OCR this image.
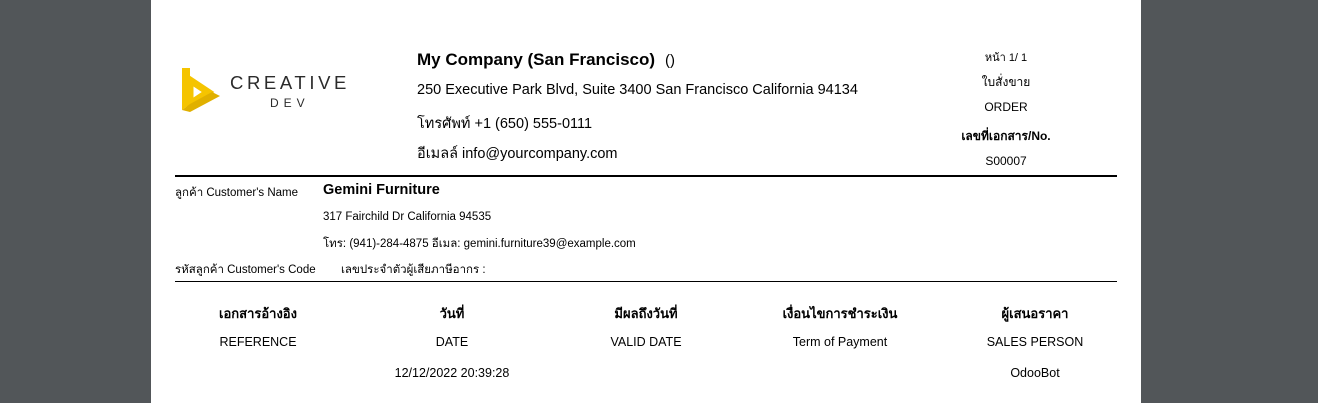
CREATIVE
DEV
My Company (San Francisco) ()
250 Executive Park Blvd, Suite 3400 San Francisco California 94134
โทรศัพท์ +1 (650) 555-0111
อีเมลล์ info@yourcompany.com
หน้า 1/ 1
ใบสั่งขาย
ORDER
เลขที่เอกสาร/No.
S00007
ลูกค้า Customer's Name Gemini Furniture
317 Fairchild Dr California 94535
โทร: (941)-284-4875 อีเมล: gemini.furniture39@example.com
รหัสลูกค้า Customer's Code เลขประจำตัวผู้เสียภาษีอากร :
เอกสารอ้างอิง
REFERENCE
วันที่
DATE
12/12/2022 20:39:28
มีผลถึงวันที่
VALID DATE
เงื่อนไขการชำระเงิน
Term of Payment
ผู้เสนอราคา
SALES PERSON
OdooBot
